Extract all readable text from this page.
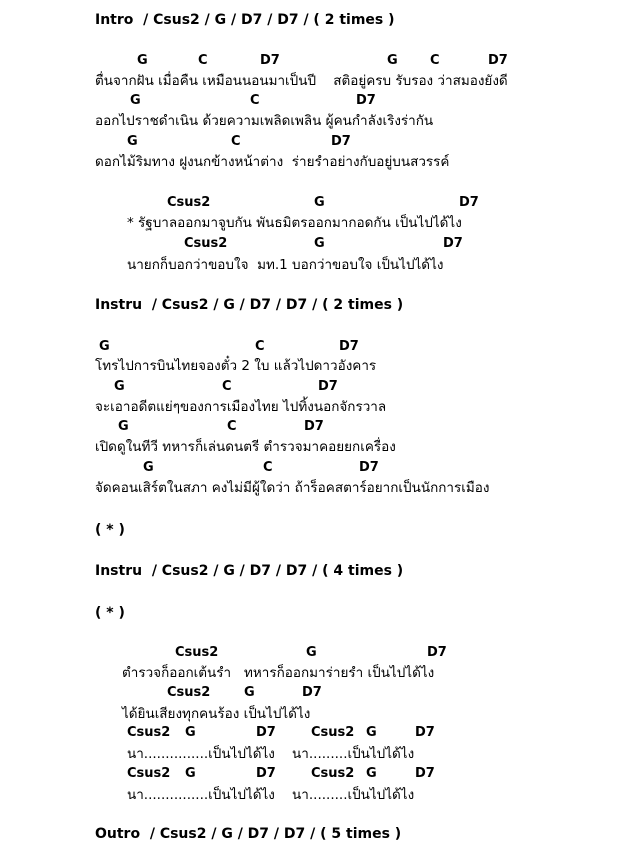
Intro  / Csus2 / G / D7 / D7 / ( 2 times )
G	C	D7	G C	D7
ตื่นจากฝัน เมื่อคืน เหมือนนอนมาเป็นปี    สติอยู่ครบ รับรอง ว่าสมองยังดี
G	C	D7
ออกไปราชดำเนิน ด้วยความเพลิดเพลิน ผู้คนกำลังเริงร่ากัน
G	C	D7
ดอกไม้ริมทาง ฝูงนกข้างหน้าต่าง  ร่ายรำอย่างกับอยู่บนสวรรค์
Csus2	G	D7
* รัฐบาลออกมาจูบกัน พันธมิตรออกมากอดกัน เป็นไปได้ไง
Csus2	G	D7
นายกก็บอกว่าขอบใจ  มท.1 บอกว่าขอบใจ เป็นไปได้ไง
Instru  / Csus2 / G / D7 / D7 / ( 2 times )
G	C	D7
โทรไปการบินไทยจองตั๋ว 2 ใบ แล้วไปดาวอังคาร
G	C	D7
จะเอาอดีตแย่ๆของการเมืองไทย ไปทิ้งนอกจักรวาล
G	C	D7
เปิดดูในทีวี ทหารก็เล่นดนตรี ตำรวจมาคอยยกเครื่อง
G	C	D7
จัดคอนเสิร์ตในสภา คงไม่มีผู้ใดว่า ถ้าร็อคสตาร์อยากเป็นนักการเมือง
( * )
Instru  / Csus2 / G / D7 / D7 / ( 4 times )
( * )
Csus2	G	D7
ตำรวจก็ออกเต้นรำ   ทหารก็ออกมาร่ายรำ เป็นไปได้ไง
Csus2	G	D7
ได้ยินเสียงทุกคนร้อง เป็นไปได้ไง
Csus2 G	D7	Csus2 G	D7
นา...............เป็นไปได้ไง    นา.........เป็นไปได้ไง
Csus2 G	D7	Csus2 G	D7
นา...............เป็นไปได้ไง    นา.........เป็นไปได้ไง
Outro  / Csus2 / G / D7 / D7 / ( 5 times )
